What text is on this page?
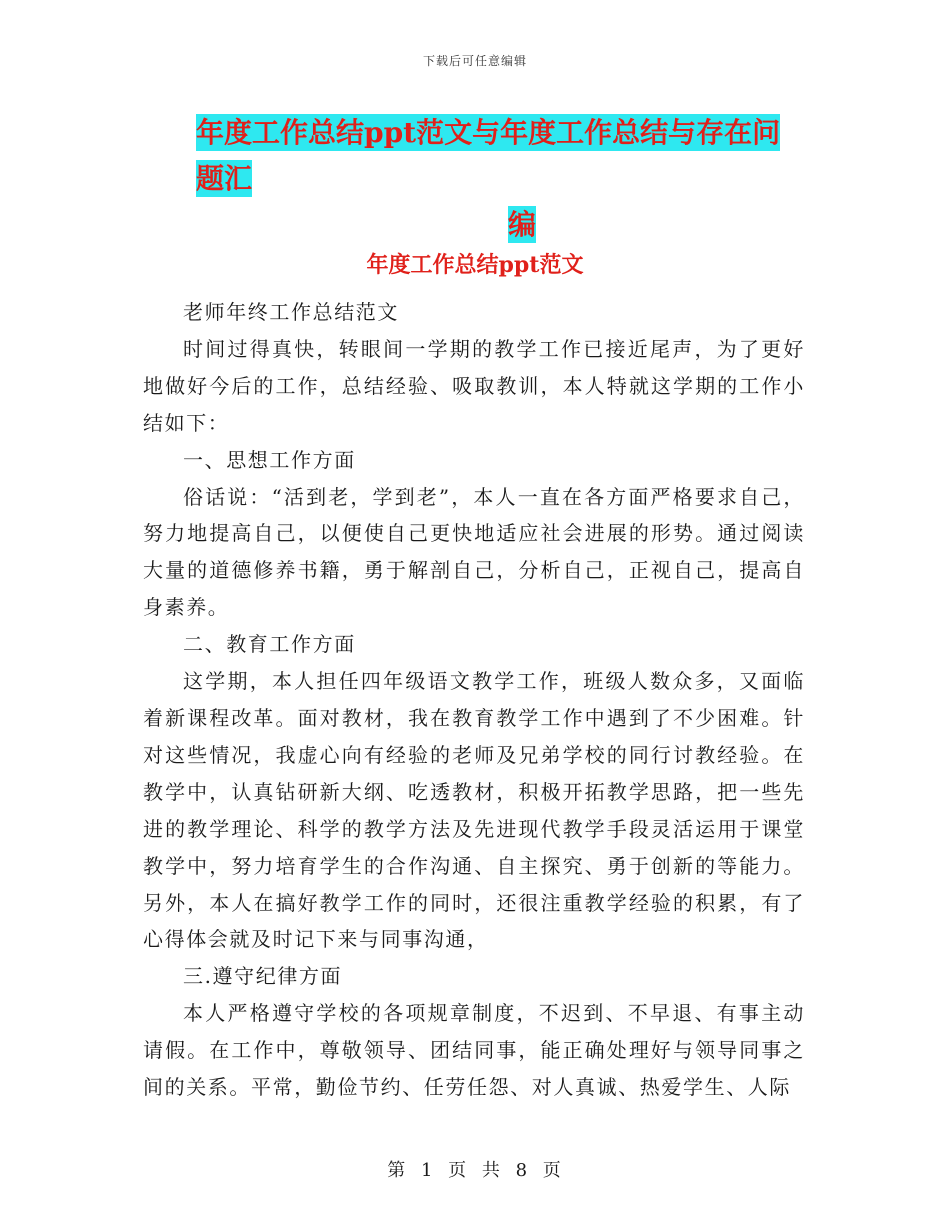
下载后可任意编辑
年度工作总结ppt范文与年度工作总结与存在问题汇
编
年度工作总结ppt范文

老师年终工作总结范文

时间过得真快，转眼间一学期的教学工作已接近尾声，为了更好地做好今后的工作，总结经验、吸取教训，本人特就这学期的工作小结如下：

一、思想工作方面

俗话说：“活到老，学到老”，本人一直在各方面严格要求自己，努力地提高自己，以便使自己更快地适应社会进展的形势。通过阅读大量的道德修养书籍，勇于解剖自己，分析自己，正视自己，提高自身素养。

二、教育工作方面

这学期，本人担任四年级语文教学工作，班级人数众多，又面临着新课程改革。面对教材，我在教育教学工作中遇到了不少困难。针对这些情况，我虚心向有经验的老师及兄弟学校的同行讨教经验。在教学中，认真钻研新大纲、吃透教材，积极开拓教学思路，把一些先进的教学理论、科学的教学方法及先进现代教学手段灵活运用于课堂教学中，努力培育学生的合作沟通、自主探究、勇于创新的等能力。另外，本人在搞好教学工作的同时，还很注重教学经验的积累，有了心得体会就及时记下来与同事沟通，

三.遵守纪律方面

本人严格遵守学校的各项规章制度，不迟到、不早退、有事主动请假。在工作中，尊敬领导、团结同事，能正确处理好与领导同事之间的关系。平常，勤俭节约、任劳任怨、对人真诚、热爱学生、人际

第 1 页 共 8 页
